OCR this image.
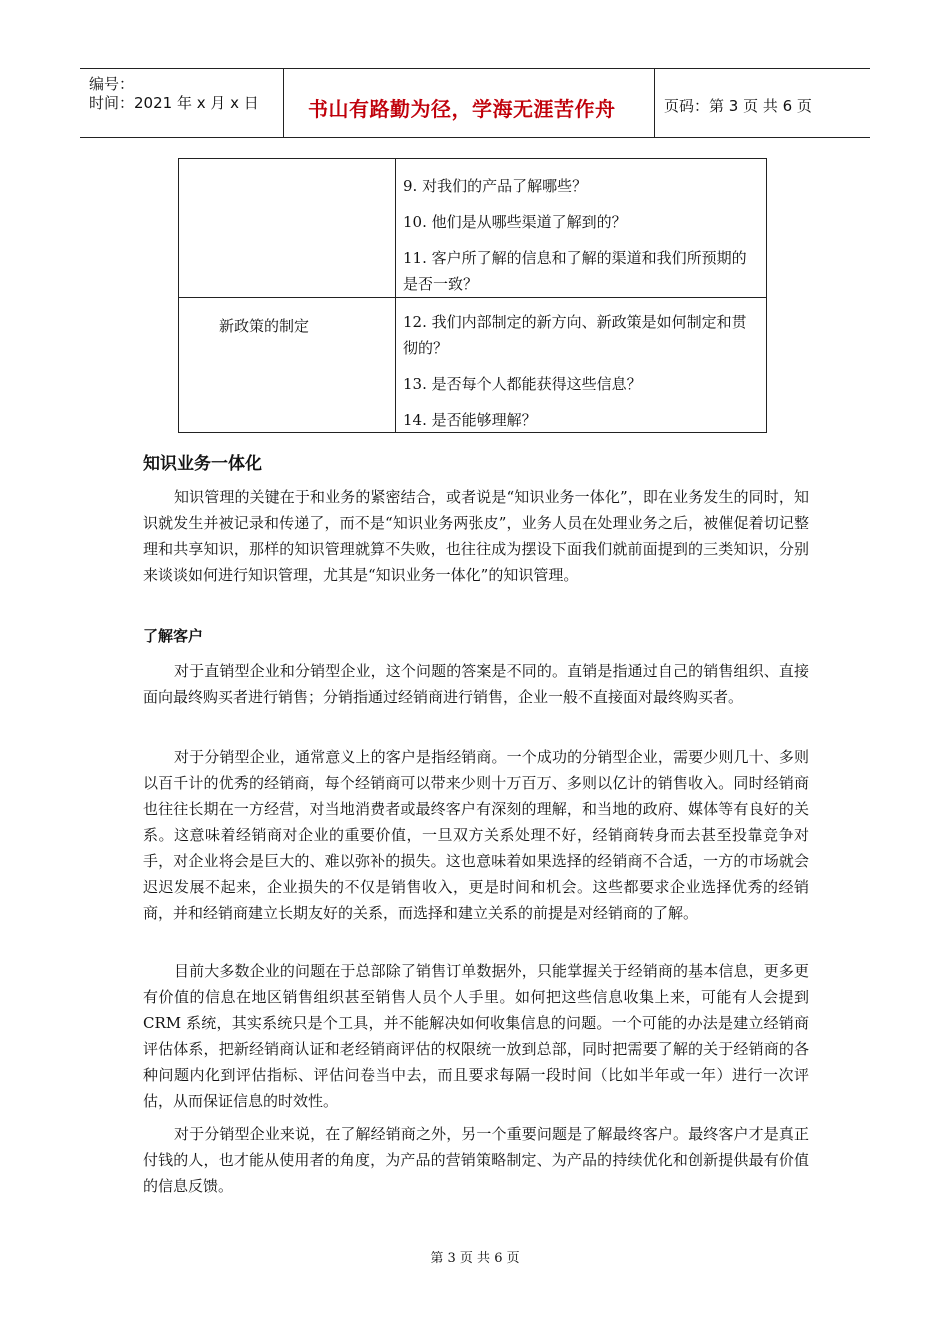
编号：
时间：2021 年 x 月 x 日 书山有路勤为径，学海无涯苦作舟	页码：第 3 页 共 6 页
9. 对我们的产品了解哪些？
10. 他们是从哪些渠道了解到的？
11. 客户所了解的信息和了解的渠道和我们所预期的是否一致？
新政策的制定	12. 我们内部制定的新方向、新政策是如何制定和贯彻的？
13. 是否每个人都能获得这些信息？
14. 是否能够理解？
知识业务一体化
知识管理的关键在于和业务的紧密结合，或者说是“知识业务一体化”，即在业务发生的同时，知识就发生并被记录和传递了，而不是“知识业务两张皮”，业务人员在处理业务之后，被催促着切记整理和共享知识，那样的知识管理就算不失败，也往往成为摆设下面我们就前面提到的三类知识，分别来谈谈如何进行知识管理，尤其是“知识业务一体化”的知识管理。
了解客户
对于直销型企业和分销型企业，这个问题的答案是不同的。直销是指通过自己的销售组织、直接面向最终购买者进行销售；分销指通过经销商进行销售，企业一般不直接面对最终购买者。
对于分销型企业，通常意义上的客户是指经销商。一个成功的分销型企业，需要少则几十、多则以百千计的优秀的经销商，每个经销商可以带来少则十万百万、多则以亿计的销售收入。同时经销商也往往长期在一方经营，对当地消费者或最终客户有深刻的理解，和当地的政府、媒体等有良好的关系。这意味着经销商对企业的重要价值，一旦双方关系处理不好，经销商转身而去甚至投靠竞争对手，对企业将会是巨大的、难以弥补的损失。这也意味着如果选择的经销商不合适，一方的市场就会迟迟发展不起来，企业损失的不仅是销售收入，更是时间和机会。这些都要求企业选择优秀的经销商，并和经销商建立长期友好的关系，而选择和建立关系的前提是对经销商的了解。
目前大多数企业的问题在于总部除了销售订单数据外，只能掌握关于经销商的基本信息，更多更有价值的信息在地区销售组织甚至销售人员个人手里。如何把这些信息收集上来，可能有人会提到 CRM 系统，其实系统只是个工具，并不能解决如何收集信息的问题。一个可能的办法是建立经销商评估体系，把新经销商认证和老经销商评估的权限统一放到总部，同时把需要了解的关于经销商的各种问题内化到评估指标、评估问卷当中去，而且要求每隔一段时间（比如半年或一年）进行一次评估，从而保证信息的时效性。
对于分销型企业来说，在了解经销商之外，另一个重要问题是了解最终客户。最终客户才是真正付钱的人，也才能从使用者的角度，为产品的营销策略制定、为产品的持续优化和创新提供最有价值的信息反馈。
第 3 页 共 6 页
